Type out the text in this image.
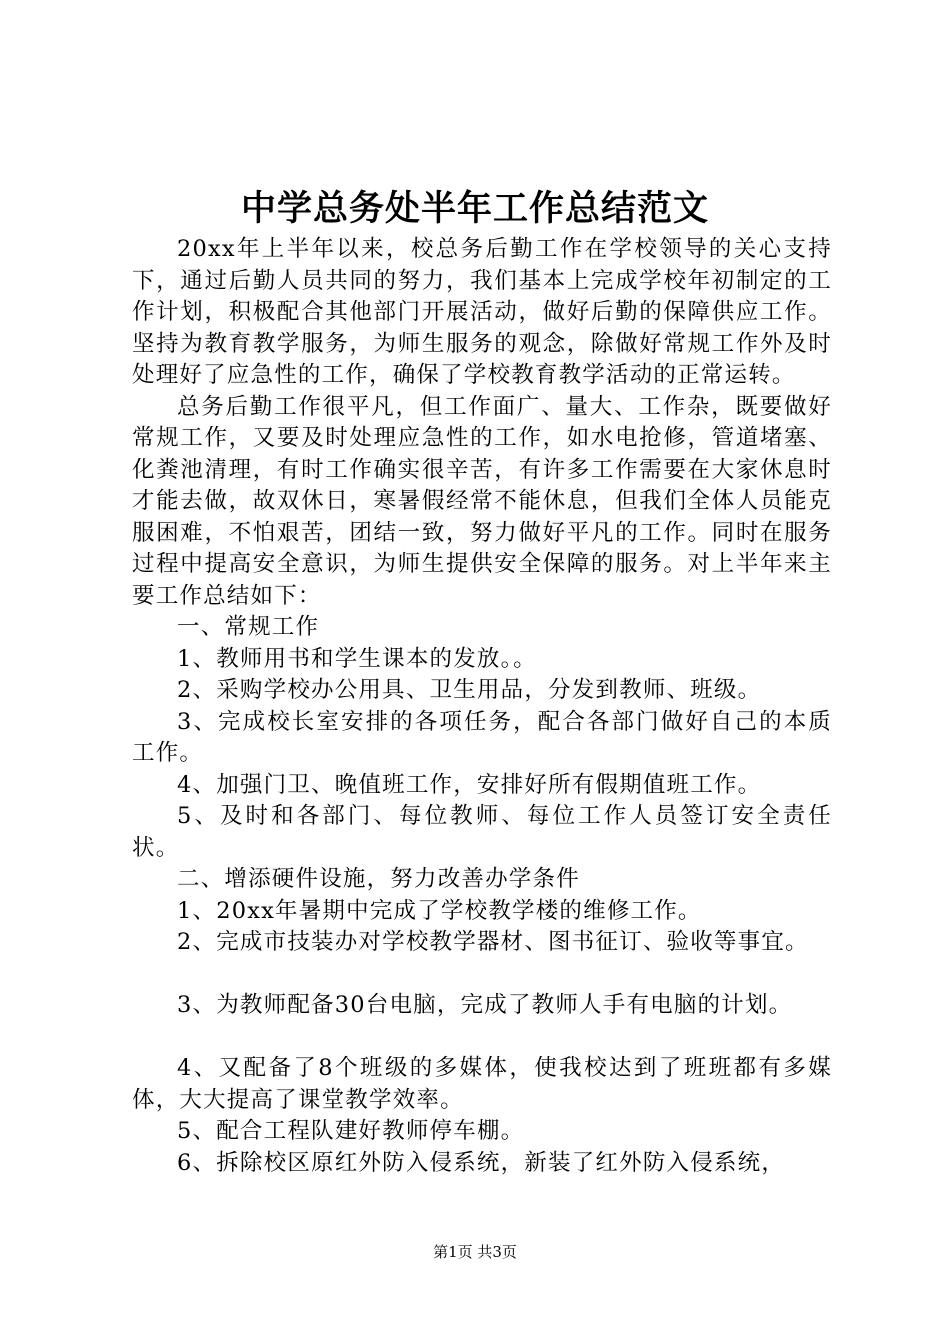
中学总务处半年工作总结范文

20xx年上半年以来，校总务后勤工作在学校领导的关心支持下，通过后勤人员共同的努力，我们基本上完成学校年初制定的工作计划，积极配合其他部门开展活动，做好后勤的保障供应工作。坚持为教育教学服务，为师生服务的观念，除做好常规工作外及时处理好了应急性的工作，确保了学校教育教学活动的正常运转。

总务后勤工作很平凡，但工作面广、量大、工作杂，既要做好常规工作，又要及时处理应急性的工作，如水电抢修，管道堵塞、化粪池清理，有时工作确实很辛苦，有许多工作需要在大家休息时才能去做，故双休日，寒暑假经常不能休息，但我们全体人员能克服困难，不怕艰苦，团结一致，努力做好平凡的工作。同时在服务过程中提高安全意识，为师生提供安全保障的服务。对上半年来主要工作总结如下：

一、常规工作

1、教师用书和学生课本的发放。。

2、采购学校办公用具、卫生用品，分发到教师、班级。

3、完成校长室安排的各项任务，配合各部门做好自己的本质工作。

4、加强门卫、晚值班工作，安排好所有假期值班工作。

5、及时和各部门、每位教师、每位工作人员签订安全责任状。

二、增添硬件设施，努力改善办学条件

1、20xx年暑期中完成了学校教学楼的维修工作。

2、完成市技装办对学校教学器材、图书征订、验收等事宜。

3、为教师配备30台电脑，完成了教师人手有电脑的计划。

4、又配备了8个班级的多媒体，使我校达到了班班都有多媒体，大大提高了课堂教学效率。

5、配合工程队建好教师停车棚。

6、拆除校区原红外防入侵系统，新装了红外防入侵系统，

第1页 共3页
